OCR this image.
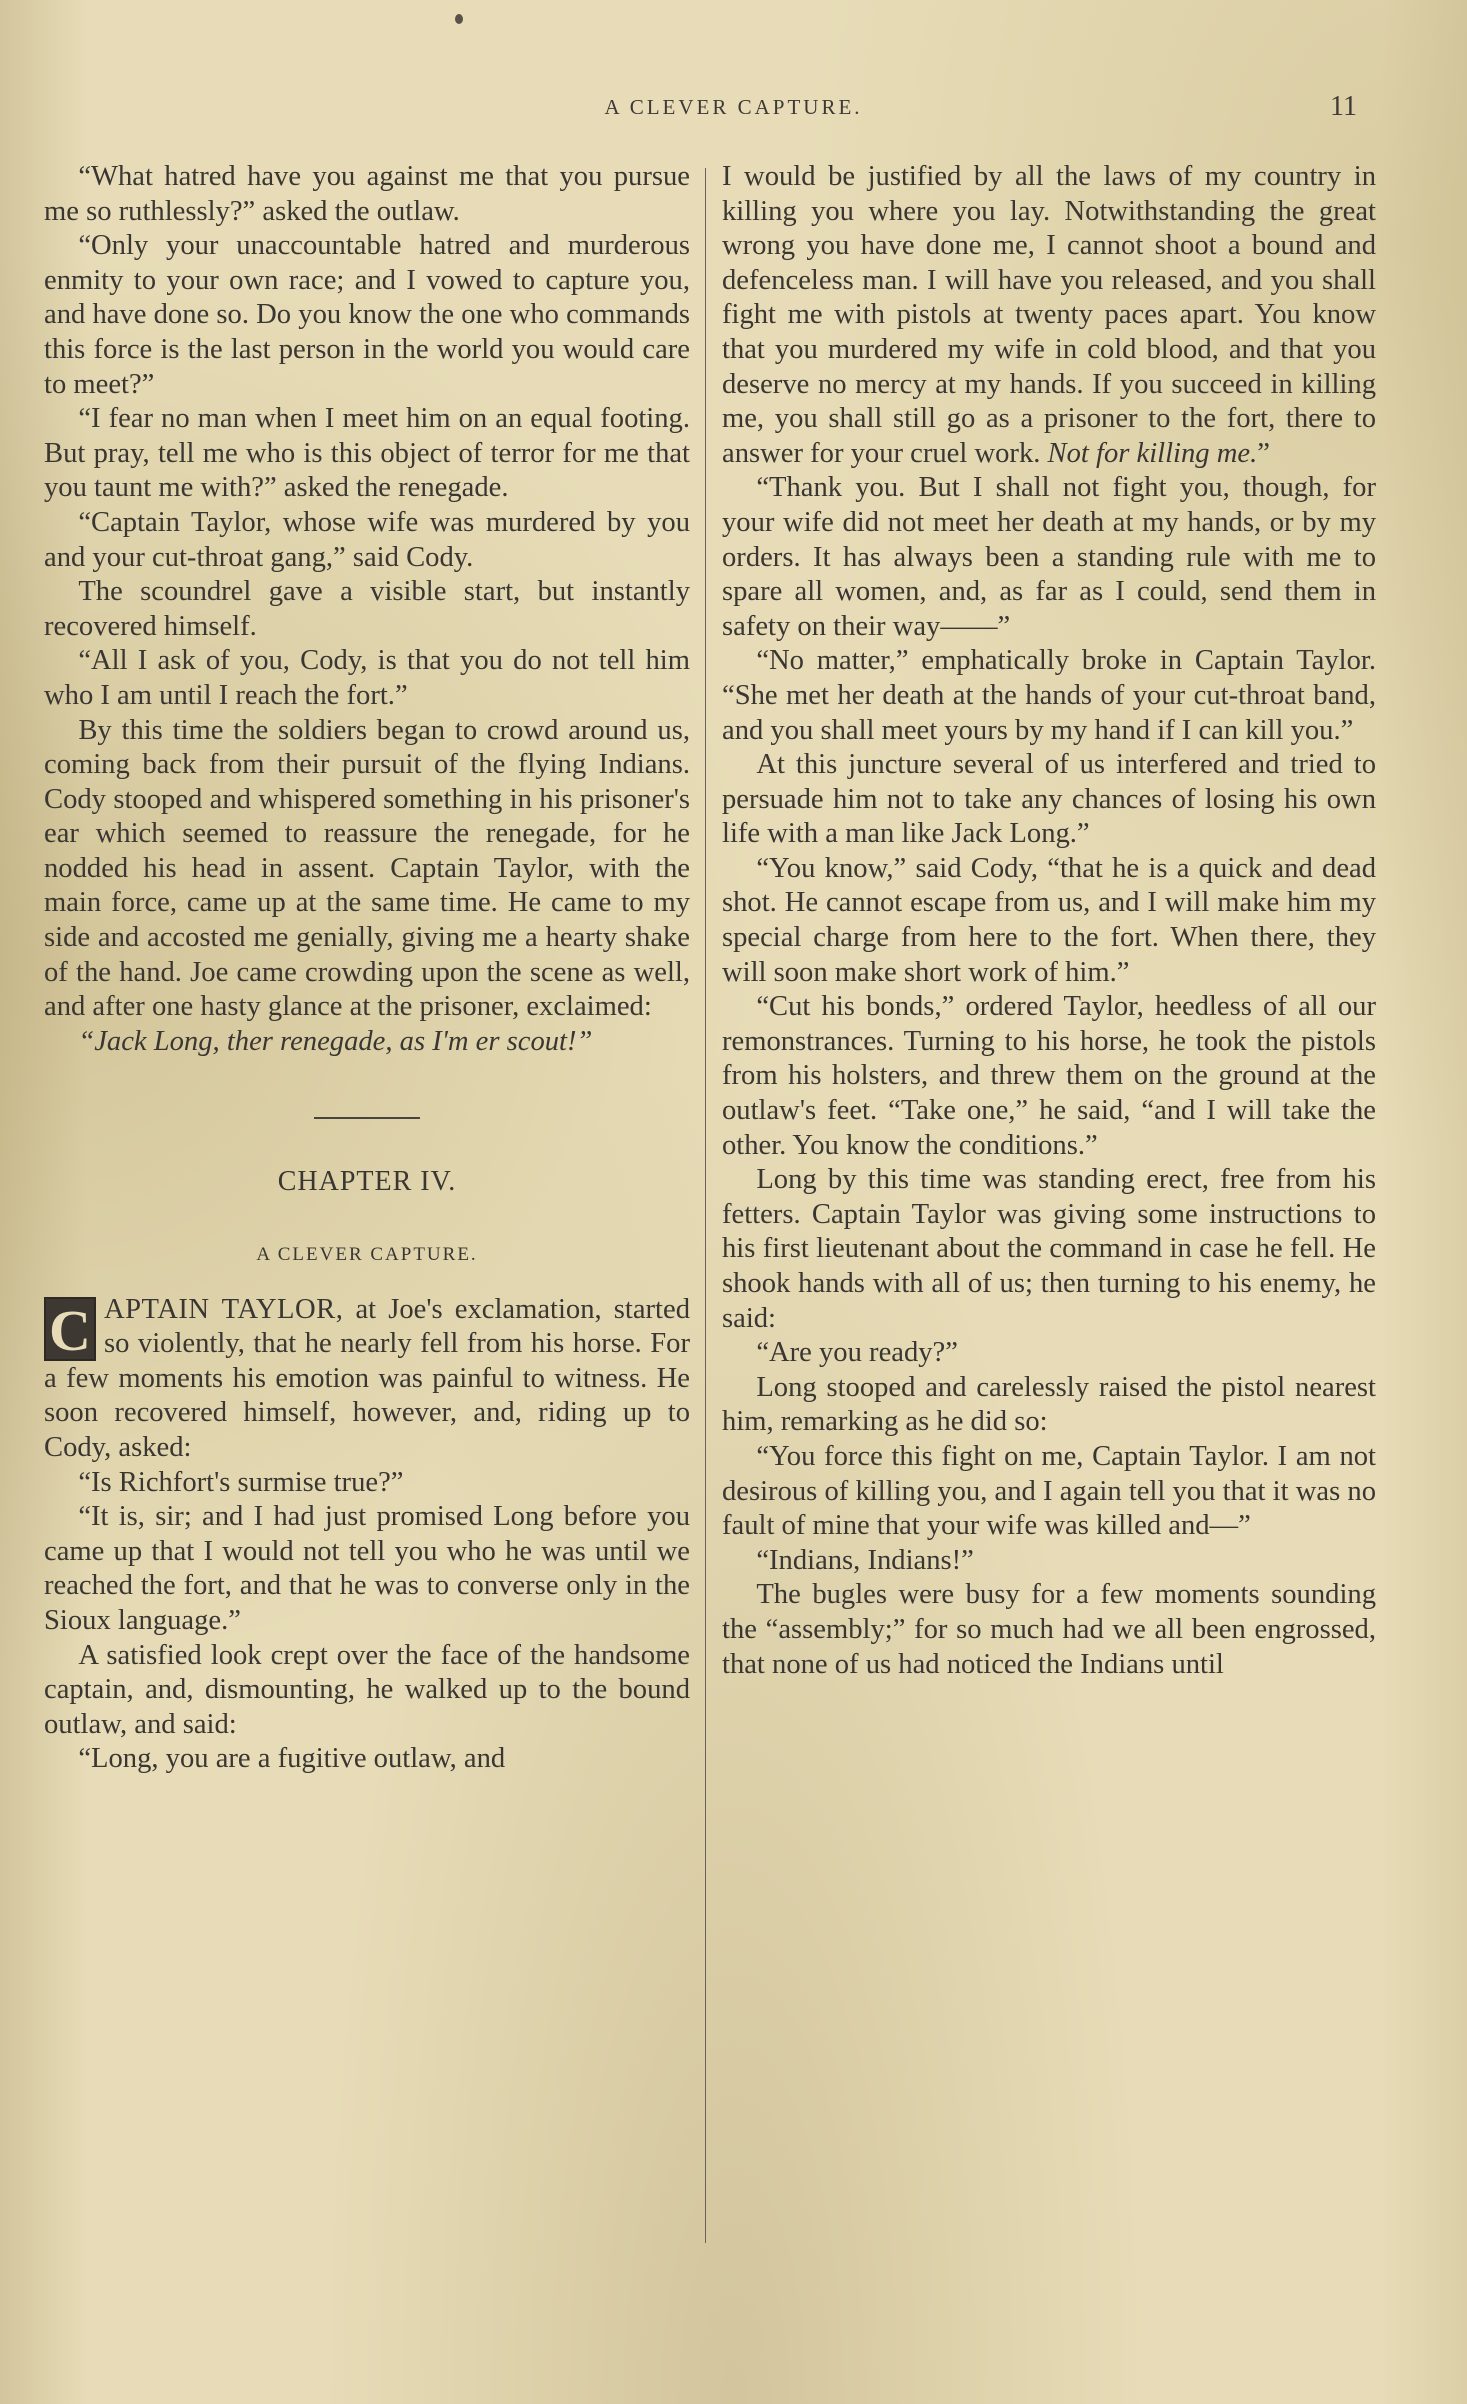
A CLEVER CAPTURE.	11

“What hatred have you against me that you pursue me so ruthlessly?” asked the outlaw.

“Only your unaccountable hatred and murderous enmity to your own race; and I vowed to capture you, and have done so. Do you know the one who commands this force is the last person in the world you would care to meet?”

“I fear no man when I meet him on an equal footing. But pray, tell me who is this object of terror for me that you taunt me with?” asked the renegade.

“Captain Taylor, whose wife was murdered by you and your cut-throat gang,” said Cody.

The scoundrel gave a visible start, but instantly recovered himself.

“All I ask of you, Cody, is that you do not tell him who I am until I reach the fort.”

By this time the soldiers began to crowd around us, coming back from their pursuit of the flying Indians. Cody stooped and whispered something in his prisoner's ear which seemed to reassure the renegade, for he nodded his head in assent. Captain Taylor, with the main force, came up at the same time. He came to my side and accosted me genially, giving me a hearty shake of the hand. Joe came crowding upon the scene as well, and after one hasty glance at the prisoner, exclaimed:

“Jack Long, ther renegade, as I'm er scout!”

CHAPTER IV.
A CLEVER CAPTURE.

C APTAIN TAYLOR, at Joe's exclamation, started so violently, that he nearly fell from his horse. For a few moments his emotion was painful to witness. He soon recovered himself, however, and, riding up to Cody, asked:

“Is Richfort's surmise true?”

“It is, sir; and I had just promised Long before you came up that I would not tell you who he was until we reached the fort, and that he was to converse only in the Sioux language.”

A satisfied look crept over the face of the handsome captain, and, dismounting, he walked up to the bound outlaw, and said:

“Long, you are a fugitive outlaw, and

I would be justified by all the laws of my country in killing you where you lay. Notwithstanding the great wrong you have done me, I cannot shoot a bound and defenceless man. I will have you released, and you shall fight me with pistols at twenty paces apart. You know that you murdered my wife in cold blood, and that you deserve no mercy at my hands. If you succeed in killing me, you shall still go as a prisoner to the fort, there to answer for your cruel work. Not for killing me.”

“Thank you. But I shall not fight you, though, for your wife did not meet her death at my hands, or by my orders. It has always been a standing rule with me to spare all women, and, as far as I could, send them in safety on their way——”

“No matter,” emphatically broke in Captain Taylor. “She met her death at the hands of your cut-throat band, and you shall meet yours by my hand if I can kill you.”

At this juncture several of us interfered and tried to persuade him not to take any chances of losing his own life with a man like Jack Long.”

“You know,” said Cody, “that he is a quick and dead shot. He cannot escape from us, and I will make him my special charge from here to the fort. When there, they will soon make short work of him.”

“Cut his bonds,” ordered Taylor, heedless of all our remonstrances. Turning to his horse, he took the pistols from his holsters, and threw them on the ground at the outlaw's feet. “Take one,” he said, “and I will take the other. You know the conditions.”

Long by this time was standing erect, free from his fetters. Captain Taylor was giving some instructions to his first lieutenant about the command in case he fell. He shook hands with all of us; then turning to his enemy, he said:

“Are you ready?”

Long stooped and carelessly raised the pistol nearest him, remarking as he did so:

“You force this fight on me, Captain Taylor. I am not desirous of killing you, and I again tell you that it was no fault of mine that your wife was killed and—”

“Indians, Indians!”

The bugles were busy for a few moments sounding the “assembly;” for so much had we all been engrossed, that none of us had noticed the Indians until
